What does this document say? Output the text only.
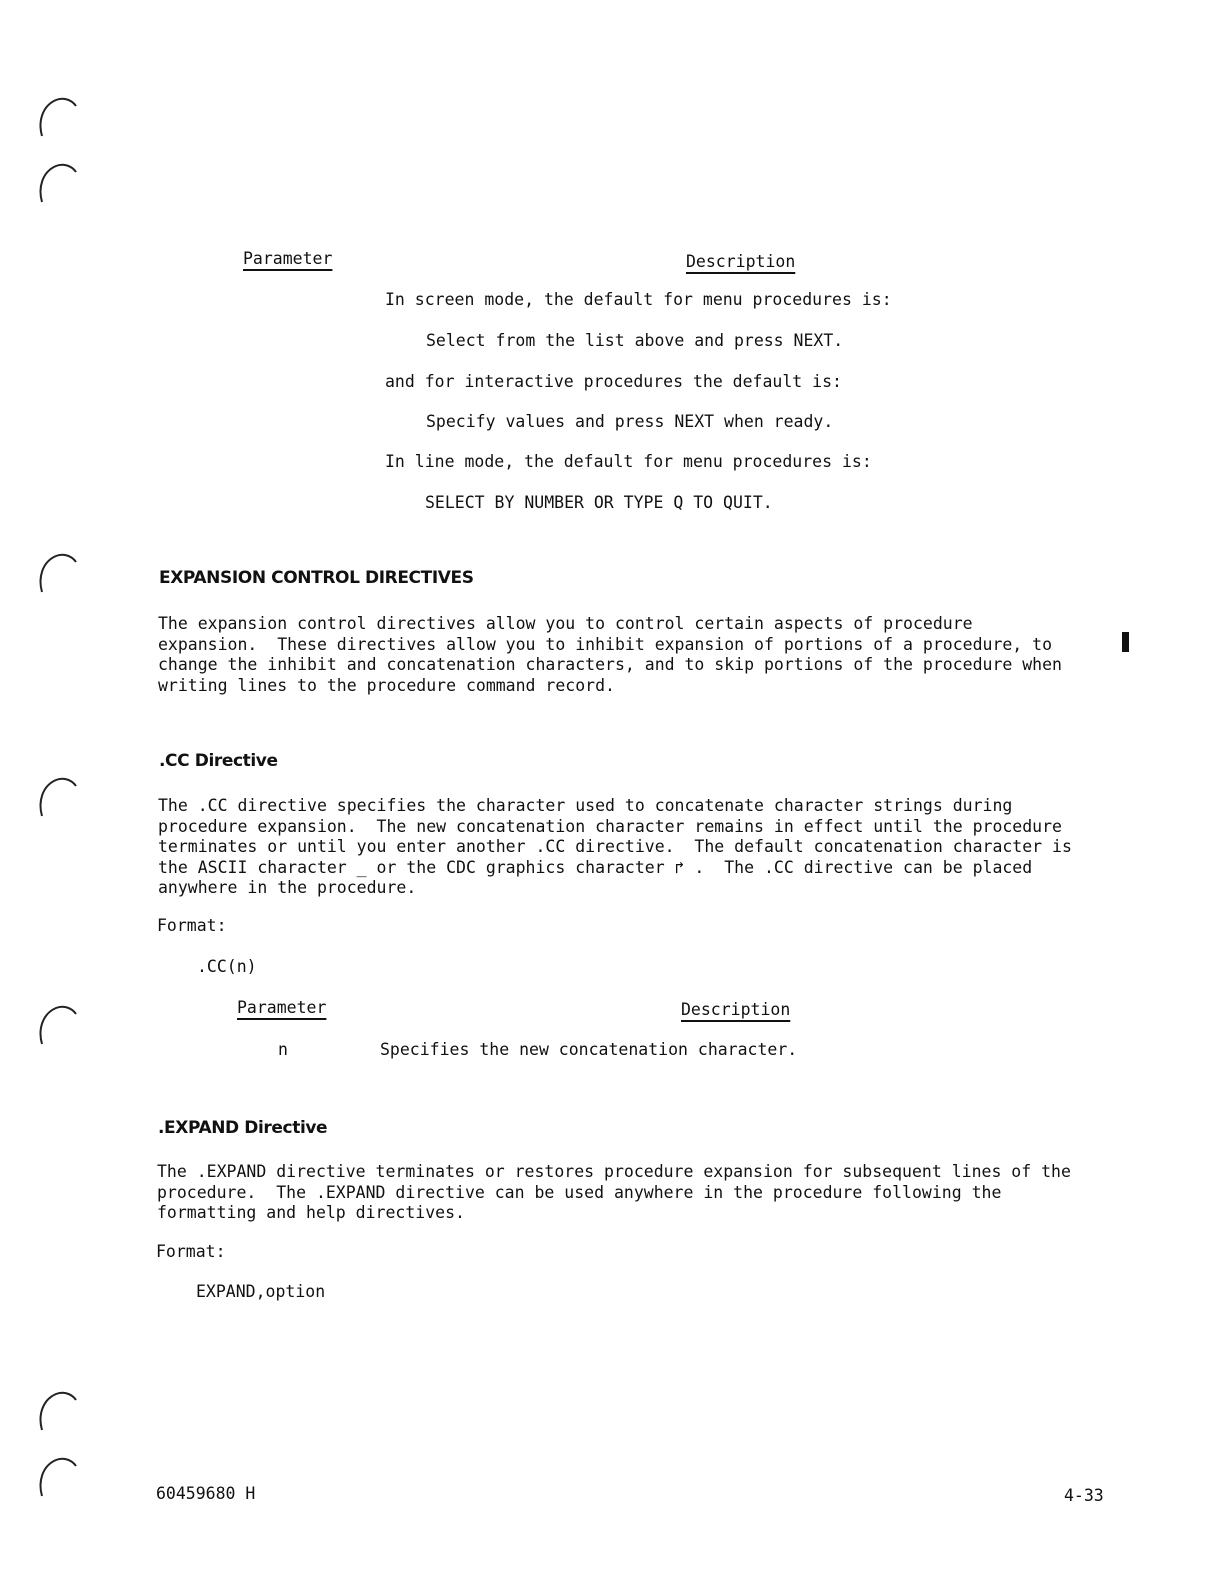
Parameter	Description
In screen mode, the default for menu procedures is:
Select from the list above and press NEXT.
and for interactive procedures the default is:
Specify values and press NEXT when ready.
In line mode, the default for menu procedures is:
SELECT BY NUMBER OR TYPE Q TO QUIT.
EXPANSION CONTROL DIRECTIVES
The expansion control directives allow you to control certain aspects of procedure
expansion.  These directives allow you to inhibit expansion of portions of a procedure, to
change the inhibit and concatenation characters, and to skip portions of the procedure when
writing lines to the procedure command record.
.CC Directive
The .CC directive specifies the character used to concatenate character strings during
procedure expansion.  The new concatenation character remains in effect until the procedure
terminates or until you enter another .CC directive.  The default concatenation character is
the ASCII character _ or the CDC graphics character ↱ .  The .CC directive can be placed
anywhere in the procedure.
Format:
.CC(n)
Parameter	Description
n	Specifies the new concatenation character.
.EXPAND Directive
The .EXPAND directive terminates or restores procedure expansion for subsequent lines of the
procedure.  The .EXPAND directive can be used anywhere in the procedure following the
formatting and help directives.
Format:
EXPAND,option
60459680 H	4-33
